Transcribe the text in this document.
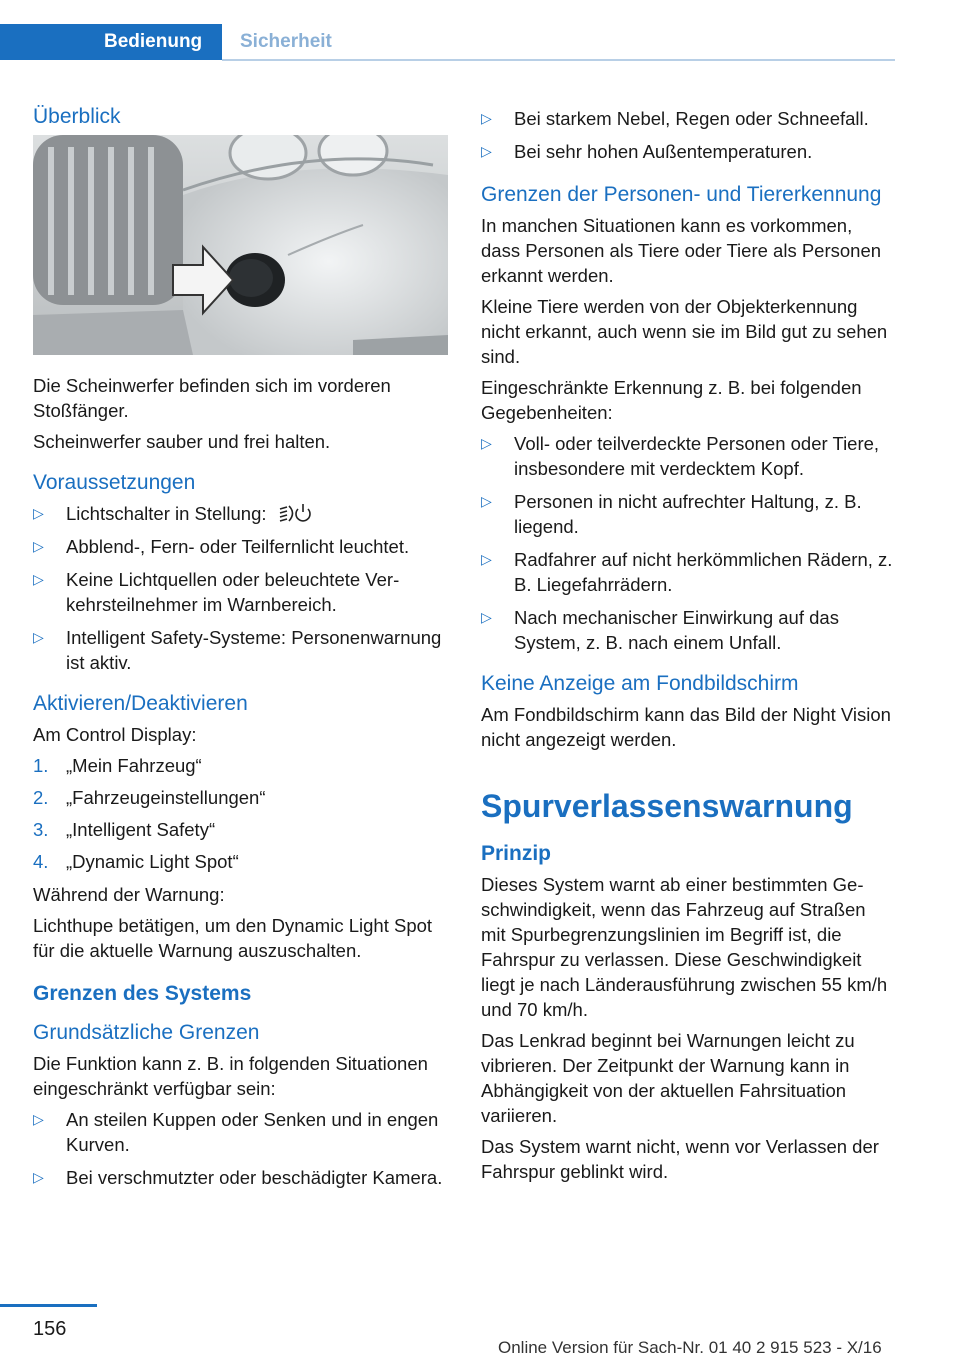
Bedienung	Sicherheit
Überblick

Die Scheinwerfer befinden sich im vorderen Stoßfänger.

Scheinwerfer sauber und frei halten.

Voraussetzungen
▷ Lichtschalter in Stellung:
▷ Abblend-, Fern- oder Teilfernlicht leuchtet.
▷ Keine Lichtquellen oder beleuchtete Verkehrsteilnehmer im Warnbereich.
▷ Intelligent Safety-Systeme: Personenwarnung ist aktiv.
Aktivieren/Deaktivieren

Am Control Display:

1. „Mein Fahrzeug“
2. „Fahrzeugeinstellungen“
3. „Intelligent Safety“
4. „Dynamic Light Spot“

Während der Warnung:

Lichthupe betätigen, um den Dynamic Light Spot für die aktuelle Warnung auszuschalten.

Grenzen des Systems
Grundsätzliche Grenzen

Die Funktion kann z. B. in folgenden Situationen eingeschränkt verfügbar sein:

▷ An steilen Kuppen oder Senken und in engen Kurven.
▷ Bei verschmutzter oder beschädigter Kamera.
▷ Bei starkem Nebel, Regen oder Schneefall.
▷ Bei sehr hohen Außentemperaturen.
Grenzen der Personen- und Tiererkennung

In manchen Situationen kann es vorkommen, dass Personen als Tiere oder Tiere als Personen erkannt werden.

Kleine Tiere werden von der Objekterkennung nicht erkannt, auch wenn sie im Bild gut zu sehen sind.

Eingeschränkte Erkennung z. B. bei folgenden Gegebenheiten:

▷ Voll- oder teilverdeckte Personen oder Tiere, insbesondere mit verdecktem Kopf.
▷ Personen in nicht aufrechter Haltung, z. B. liegend.
▷ Radfahrer auf nicht herkömmlichen Rädern, z. B. Liegefahrrädern.
▷ Nach mechanischer Einwirkung auf das System, z. B. nach einem Unfall.
Keine Anzeige am Fondbildschirm

Am Fondbildschirm kann das Bild der Night Vision nicht angezeigt werden.

Spurverlassenswarnung
Prinzip

Dieses System warnt ab einer bestimmten Geschwindigkeit, wenn das Fahrzeug auf Straßen mit Spurbegrenzungslinien im Begriff ist, die Fahrspur zu verlassen. Diese Geschwindigkeit liegt je nach Länderausführung zwischen 55 km/h und 70 km/h.

Das Lenkrad beginnt bei Warnungen leicht zu vibrieren. Der Zeitpunkt der Warnung kann in Abhängigkeit von der aktuellen Fahrsituation variieren.

Das System warnt nicht, wenn vor Verlassen der Fahrspur geblinkt wird.

156
Online Version für Sach-Nr. 01 40 2 915 523 - X/16
